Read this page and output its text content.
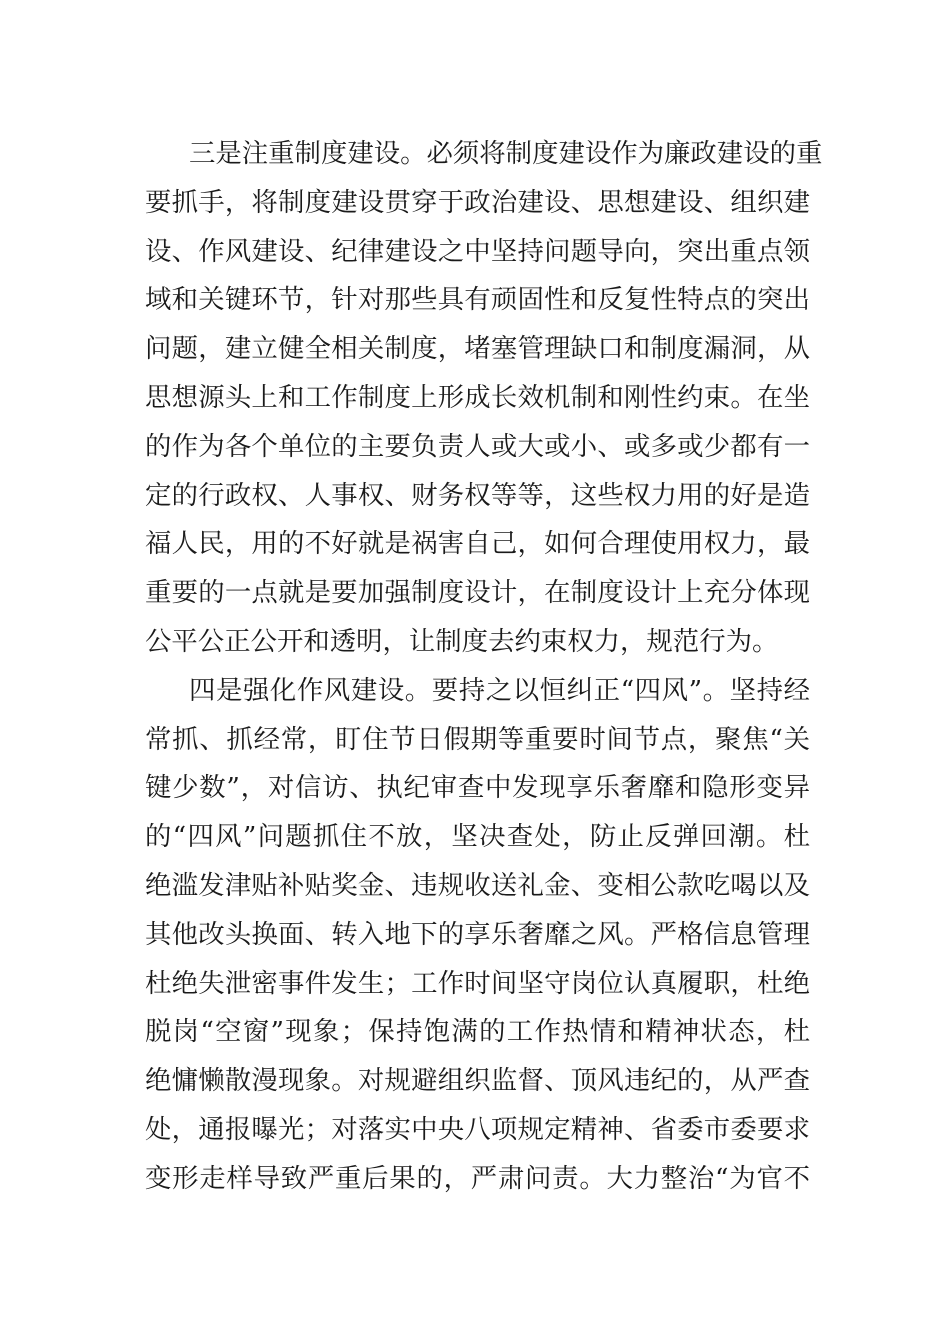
三是注重制度建设。必须将制度建设作为廉政建设的重
要抓手，将制度建设贯穿于政治建设、思想建设、组织建
设、作风建设、纪律建设之中坚持问题导向，突出重点领
域和关键环节，针对那些具有顽固性和反复性特点的突出
问题，建立健全相关制度，堵塞管理缺口和制度漏洞，从
思想源头上和工作制度上形成长效机制和刚性约束。在坐
的作为各个单位的主要负责人或大或小、或多或少都有一
定的行政权、人事权、财务权等等，这些权力用的好是造
福人民，用的不好就是祸害自己，如何合理使用权力，最
重要的一点就是要加强制度设计，在制度设计上充分体现
公平公正公开和透明，让制度去约束权力，规范行为。
四是强化作风建设。要持之以恒纠正“四风”。坚持经
常抓、抓经常，盯住节日假期等重要时间节点，聚焦“关
键少数”，对信访、执纪审查中发现享乐奢靡和隐形变异
的“四风”问题抓住不放，坚决查处，防止反弹回潮。杜
绝滥发津贴补贴奖金、违规收送礼金、变相公款吃喝以及
其他改头换面、转入地下的享乐奢靡之风。严格信息管理
杜绝失泄密事件发生；工作时间坚守岗位认真履职，杜绝
脱岗“空窗”现象；保持饱满的工作热情和精神状态，杜
绝慵懒散漫现象。对规避组织监督、顶风违纪的，从严查
处，通报曝光；对落实中央八项规定精神、省委市委要求
变形走样导致严重后果的，严肃问责。大力整治“为官不
